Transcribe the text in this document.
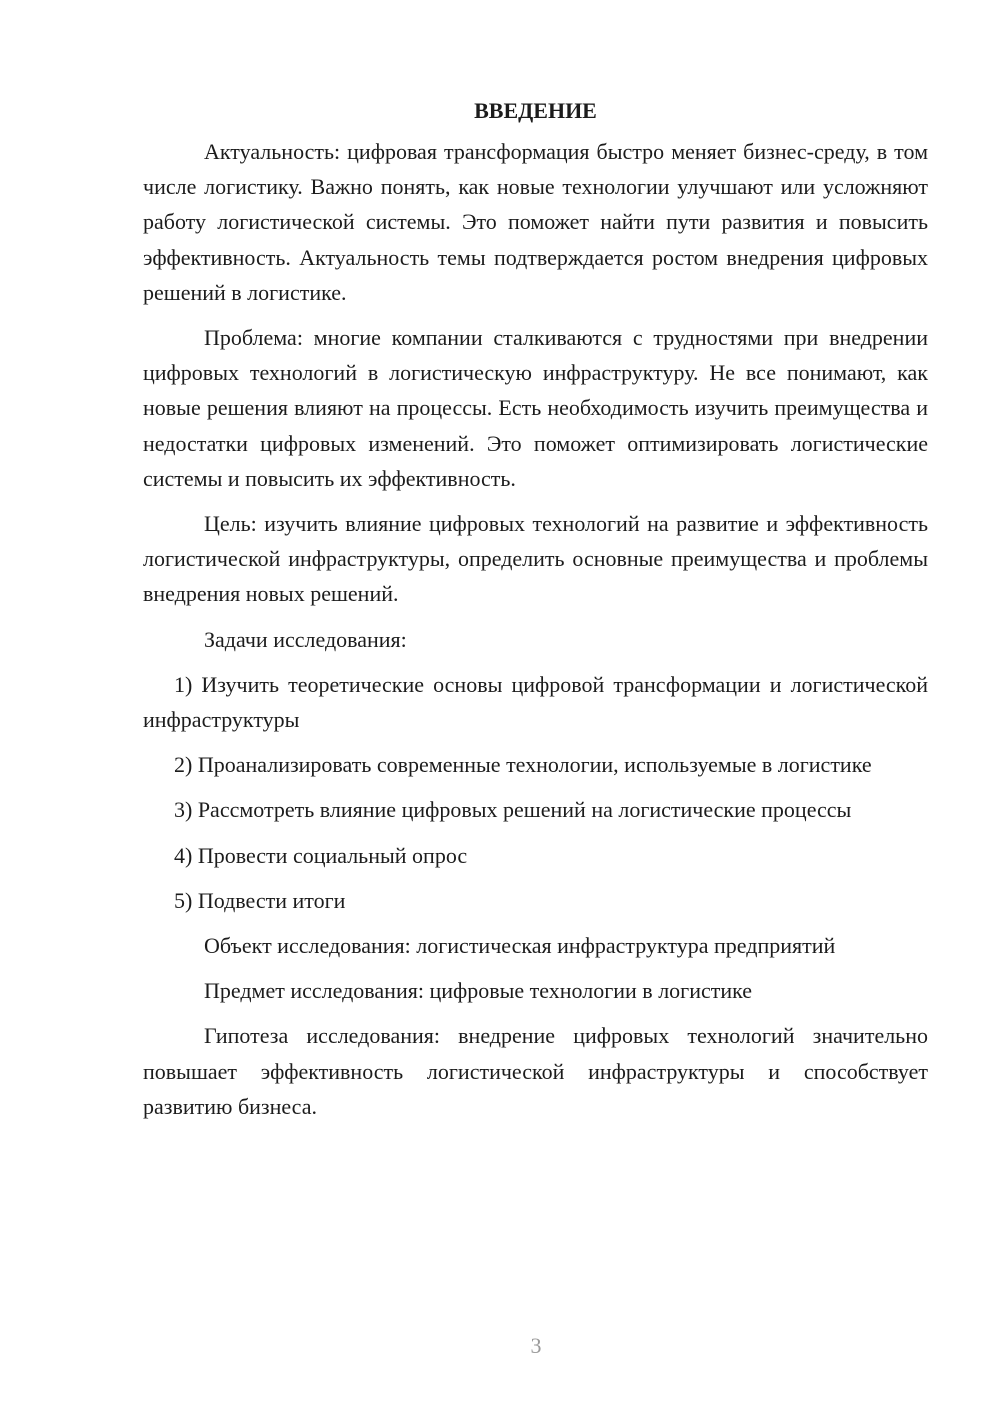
ВВЕДЕНИЕ
Актуальность: цифровая трансформация быстро меняет бизнес-среду, в том числе логистику. Важно понять, как новые технологии улучшают или усложняют работу логистической системы. Это поможет найти пути развития и повысить эффективность. Актуальность темы подтверждается ростом внедрения цифровых решений в логистике.
Проблема: многие компании сталкиваются с трудностями при внедрении цифровых технологий в логистическую инфраструктуру. Не все понимают, как новые решения влияют на процессы. Есть необходимость изучить преимущества и недостатки цифровых изменений. Это поможет оптимизировать логистические системы и повысить их эффективность.
Цель: изучить влияние цифровых технологий на развитие и эффективность логистической инфраструктуры, определить основные преимущества и проблемы внедрения новых решений.
Задачи исследования:
1) Изучить теоретические основы цифровой трансформации и логистической инфраструктуры
2) Проанализировать современные технологии, используемые в логистике
3) Рассмотреть влияние цифровых решений на логистические процессы
4) Провести социальный опрос
5) Подвести итоги
Объект исследования: логистическая инфраструктура предприятий
Предмет исследования: цифровые технологии в логистике
Гипотеза исследования: внедрение цифровых технологий значительно повышает эффективность логистической инфраструктуры и способствует развитию бизнеса.
3
